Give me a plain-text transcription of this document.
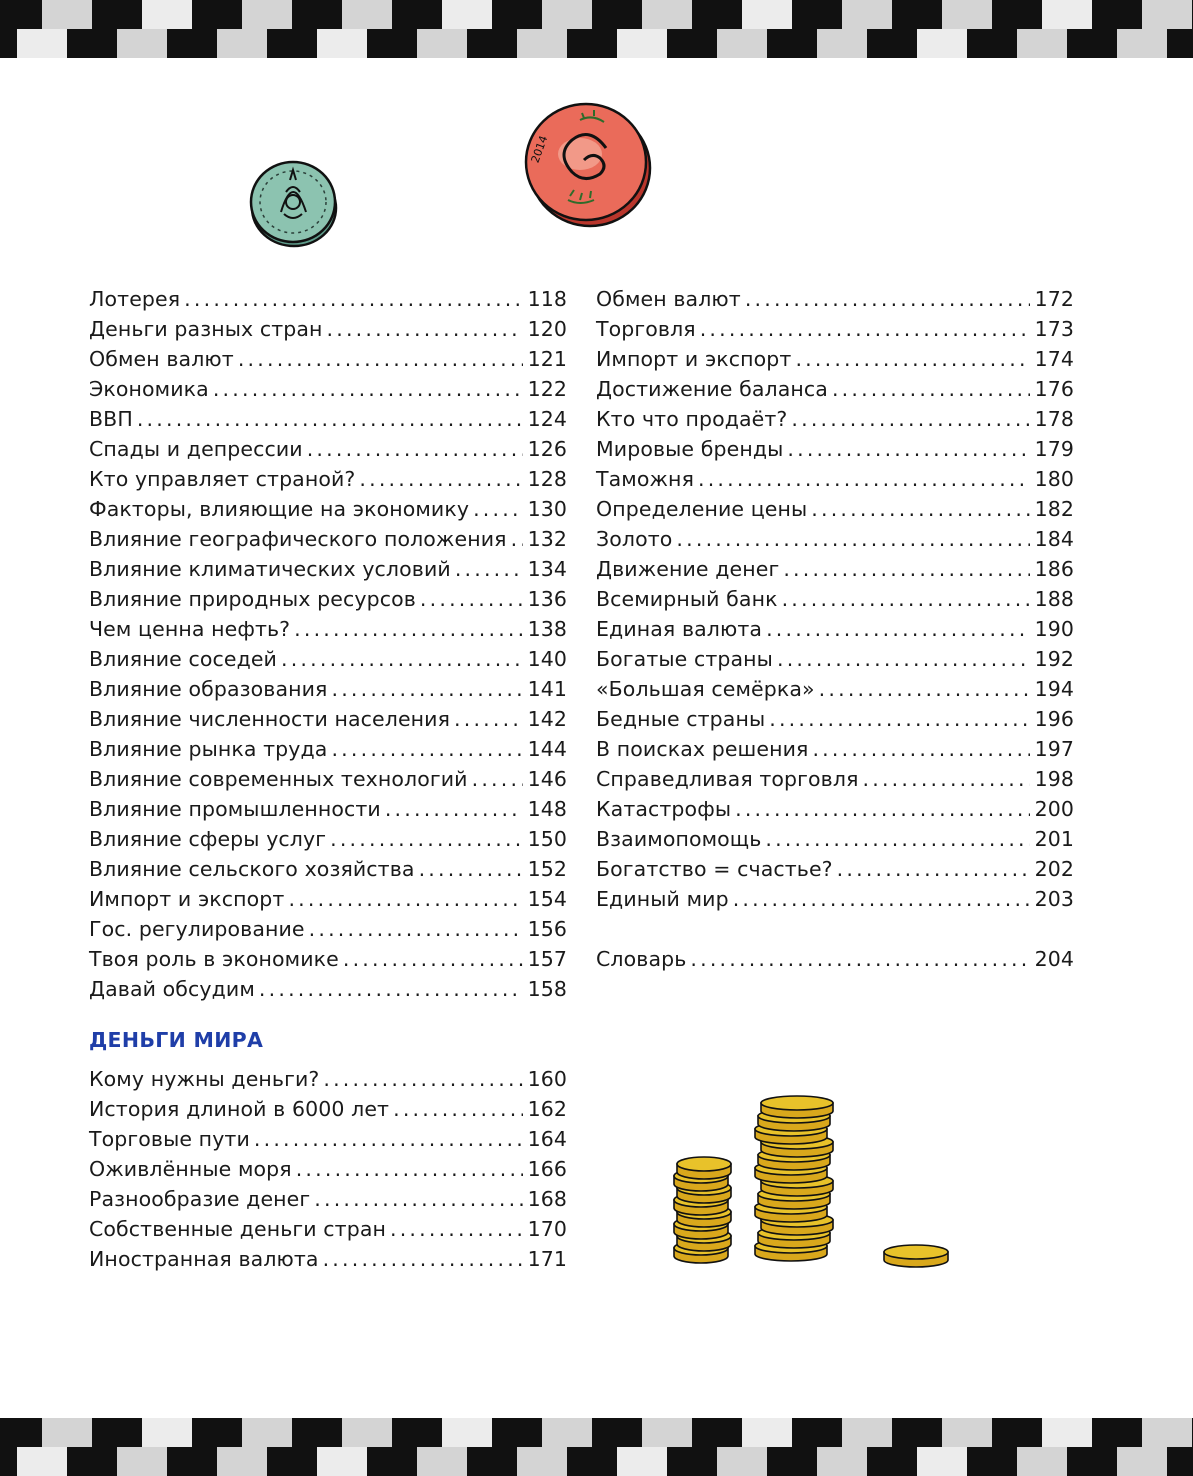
2014
Лотерея .....	118
Деньги разных стран .....	120
Обмен валют .....	121
Экономика .....	122
ВВП .....	124
Спады и депрессии .....	126
Кто управляет страной? .....	128
Факторы, влияющие на экономику .....	130
Влияние географического положения ..... 132
Влияние климатических условий .....	134
Влияние природных ресурсов .....	136
Чем ценна нефть? .....	138
Влияние соседей .....	140
Влияние образования .....	141
Влияние численности населения .....	142
Влияние рынка труда .....	144
Влияние современных технологий .....	146
Влияние промышленности .....	148
Влияние сферы услуг .....	150
Влияние сельского хозяйства .....	152
Импорт и экспорт .....	154
Гос. регулирование .....	156
Твоя роль в экономике .....	157
Давай обсудим .....	158
ДЕНЬГИ МИРА
Кому нужны деньги? .....	160
История длиной в 6000 лет .....	162
Торговые пути .....	164
Оживлённые моря .....	166
Разнообразие денег .....	168
Собственные деньги стран .....	170
Иностранная валюта .....	171
Обмен валют .....	172
Торговля .....	173
Импорт и экспорт .....	174
Достижение баланса .....	176
Кто что продаёт? .....	178
Мировые бренды .....	179
Таможня .....	180
Определение цены .....	182
Золото .....	184
Движение денег .....	186
Всемирный банк .....	188
Единая валюта .....	190
Богатые страны .....	192
«Большая семёрка» .....	194
Бедные страны .....	196
В поисках решения .....	197
Справедливая торговля .....	198
Катастрофы .....	200
Взаимопомощь .....	201
Богатство = счастье? .....	202
Единый мир .....	203
Словарь .....	204
